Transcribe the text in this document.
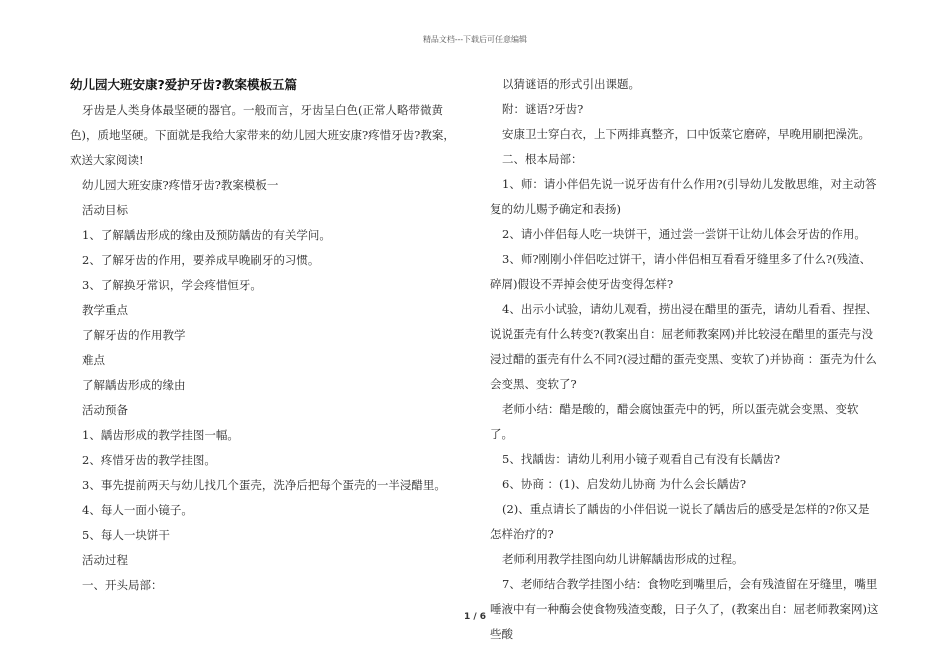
精品文档---下载后可任意编辑
幼儿园大班安康?爱护牙齿?教案模板五篇

牙齿是人类身体最坚硬的器官。一般而言，牙齿呈白色(正常人略带微黄色)，质地坚硬。下面就是我给大家带来的幼儿园大班安康?疼惜牙齿?教案，欢送大家阅读!

幼儿园大班安康?疼惜牙齿?教案模板一

活动目标

1、了解龋齿形成的缘由及预防龋齿的有关学问。

2、了解牙齿的作用，要养成早晚刷牙的习惯。

3、了解换牙常识，学会疼惜恒牙。

教学重点

了解牙齿的作用教学

难点

了解龋齿形成的缘由

活动预备

1、龋齿形成的教学挂图一幅。

2、疼惜牙齿的教学挂图。

3、事先提前两天与幼儿找几个蛋壳，洗净后把每个蛋壳的一半浸醋里。

4、每人一面小镜子。

5、每人一块饼干

活动过程

一、开头局部：

以猜谜语的形式引出课题。

附：谜语?牙齿?

安康卫士穿白衣，上下两排真整齐，口中饭菜它磨碎，早晚用刷把澡洗。

二、根本局部：

1、师：请小伴侣先说一说牙齿有什么作用?(引导幼儿发散思维，对主动答复的幼儿赐予确定和表扬)

2、请小伴侣每人吃一块饼干，通过尝一尝饼干让幼儿体会牙齿的作用。

3、师?刚刚小伴侣吃过饼干，请小伴侣相互看看牙缝里多了什么?(残渣、碎屑)假设不弄掉会使牙齿变得怎样?

4、出示小试验，请幼儿观看，捞出浸在醋里的蛋壳，请幼儿看看、捏捏、说说蛋壳有什么转变?(教案出自：屈老师教案网)并比较浸在醋里的蛋壳与没浸过醋的蛋壳有什么不同?(浸过醋的蛋壳变黑、变软了)并协商 ：蛋壳为什么会变黑、变软了?

老师小结：醋是酸的，醋会腐蚀蛋壳中的钙，所以蛋壳就会变黑、变软了。

5、找龋齿：请幼儿利用小镜子观看自己有没有长龋齿?

6、协商 ：(1)、启发幼儿协商 为什么会长龋齿?

(2)、重点请长了龋齿的小伴侣说一说长了龋齿后的感受是怎样的?你又是怎样治疗的?

老师利用教学挂图向幼儿讲解龋齿形成的过程。

7、老师结合教学挂图小结：食物吃到嘴里后，会有残渣留在牙缝里，嘴里唾液中有一种酶会使食物残渣变酸，日子久了，(教案出自：屈老师教案网)这些酸

1 / 6
